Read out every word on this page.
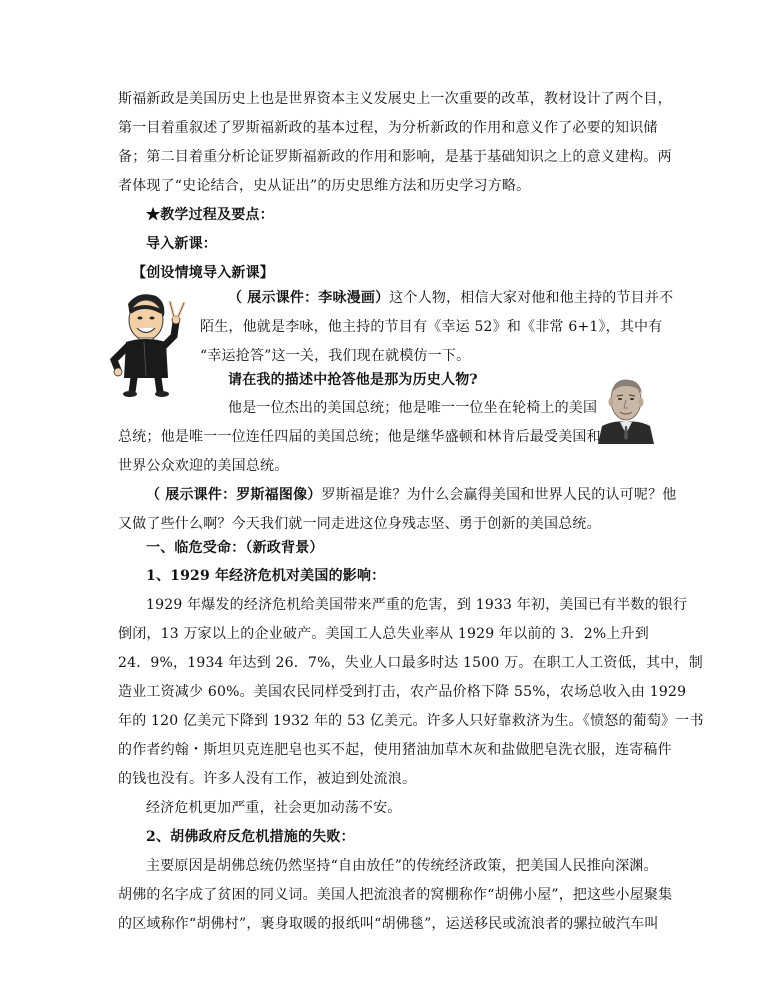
斯福新政是美国历史上也是世界资本主义发展史上一次重要的改革，教材设计了两个目，
第一目着重叙述了罗斯福新政的基本过程，为分析新政的作用和意义作了必要的知识储
备；第二目着重分析论证罗斯福新政的作用和影响，是基于基础知识之上的意义建构。两
者体现了“史论结合，史从证出”的历史思维方法和历史学习方略。
★教学过程及要点：
导入新课：
【创设情境导入新课】
（ 展示课件：李咏漫画）这个人物，相信大家对他和他主持的节目并不
陌生，他就是李咏，他主持的节目有《幸运 52》和《非常 6+1》，其中有
“幸运抢答”这一关，我们现在就模仿一下。
请在我的描述中抢答他是那为历史人物?
他是一位杰出的美国总统；他是唯一一位坐在轮椅上的美国
总统；他是唯一一位连任四届的美国总统；他是继华盛顿和林肯后最受美国和
世界公众欢迎的美国总统。
（ 展示课件：罗斯福图像）罗斯福是谁？为什么会赢得美国和世界人民的认可呢？他
又做了些什么啊？今天我们就一同走进这位身残志坚、勇于创新的美国总统。
一、临危受命：（新政背景）
1、1929 年经济危机对美国的影响：
1929 年爆发的经济危机给美国带来严重的危害，到 1933 年初，美国已有半数的银行
倒闭，13 万家以上的企业破产。美国工人总失业率从 1929 年以前的 3．2%上升到
24．9%，1934 年达到 26．7%，失业人口最多时达 1500 万。在职工人工资低，其中，制
造业工资减少 60%。美国农民同样受到打击，农产品价格下降 55%，农场总收入由 1929
年的 120 亿美元下降到 1932 年的 53 亿美元。许多人只好靠救济为生。《愤怒的葡萄》一书
的作者约翰・斯坦贝克连肥皂也买不起，使用猪油加草木灰和盐做肥皂洗衣服，连寄稿件
的钱也没有。许多人没有工作，被迫到处流浪。
经济危机更加严重，社会更加动荡不安。
2、胡佛政府反危机措施的失败：
主要原因是胡佛总统仍然坚持“自由放任”的传统经济政策，把美国人民推向深渊。
胡佛的名字成了贫困的同义词。美国人把流浪者的窝棚称作“胡佛小屋”，把这些小屋聚集
的区域称作“胡佛村”，裹身取暖的报纸叫“胡佛毯”，运送移民或流浪者的骡拉破汽车叫
